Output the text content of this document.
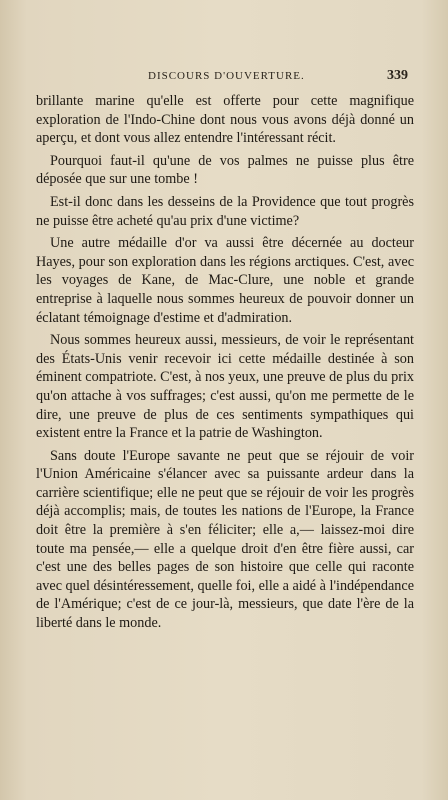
DISCOURS D'OUVERTURE.	339

brillante marine qu'elle est offerte pour cette magnifique exploration de l'Indo-Chine dont nous vous avons déjà donné un aperçu, et dont vous allez entendre l'intéressant récit.

Pourquoi faut-il qu'une de vos palmes ne puisse plus être déposée que sur une tombe !

Est-il donc dans les desseins de la Providence que tout progrès ne puisse être acheté qu'au prix d'une victime?

Une autre médaille d'or va aussi être décernée au docteur Hayes, pour son exploration dans les régions arctiques. C'est, avec les voyages de Kane, de Mac-Clure, une noble et grande entreprise à laquelle nous sommes heureux de pouvoir donner un éclatant témoignage d'estime et d'admiration.

Nous sommes heureux aussi, messieurs, de voir le représentant des États-Unis venir recevoir ici cette médaille destinée à son éminent compatriote. C'est, à nos yeux, une preuve de plus du prix qu'on attache à vos suffrages; c'est aussi, qu'on me permette de le dire, une preuve de plus de ces sentiments sympathiques qui existent entre la France et la patrie de Washington.

Sans doute l'Europe savante ne peut que se réjouir de voir l'Union Américaine s'élancer avec sa puissante ardeur dans la carrière scientifique; elle ne peut que se réjouir de voir les progrès déjà accomplis; mais, de toutes les nations de l'Europe, la France doit être la première à s'en féliciter; elle a,— laissez-moi dire toute ma pensée,— elle a quelque droit d'en être fière aussi, car c'est une des belles pages de son histoire que celle qui raconte avec quel désintéressement, quelle foi, elle a aidé à l'indépendance de l'Amérique; c'est de ce jour-là, messieurs, que date l'ère de la liberté dans le monde.
